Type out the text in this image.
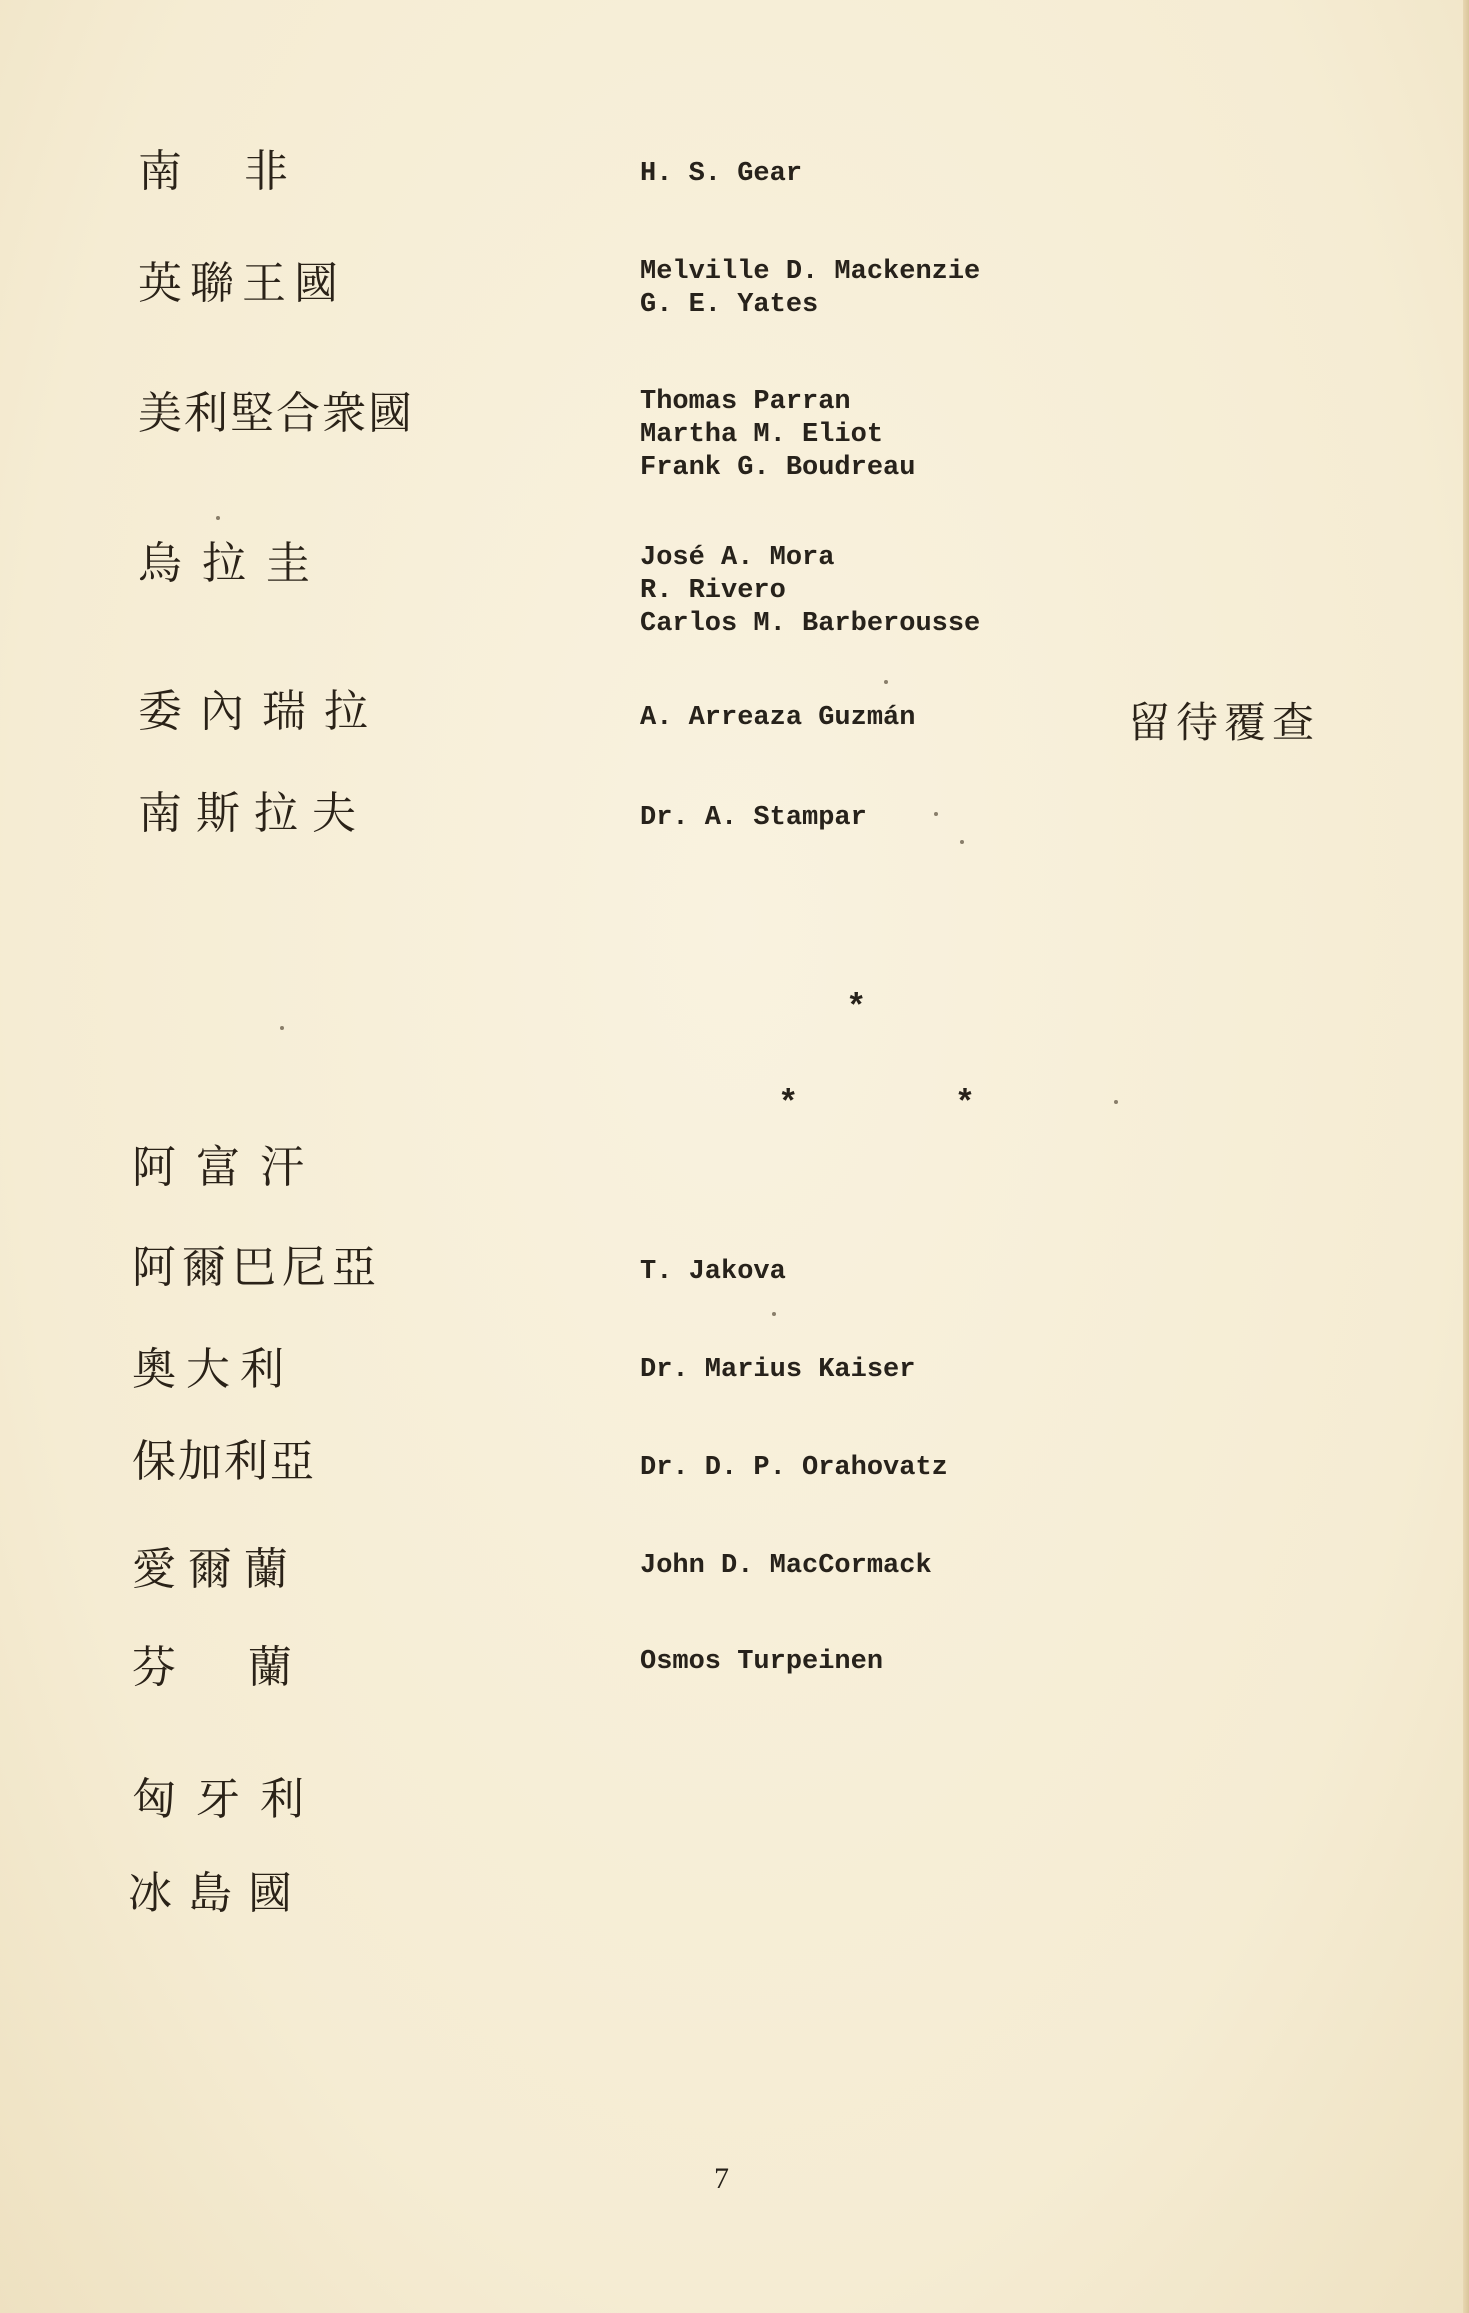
南非	H. S. Gear
英聯王國	Melville D. Mackenzie
G. E. Yates
美利堅合衆國	Thomas Parran
Martha M. Eliot
Frank G. Boudreau
烏拉圭	José A. Mora
R. Rivero
Carlos M. Barberousse
委內瑞拉	A. Arreaza Guzmán	留待覆查
南斯拉夫	Dr. A. Stampar
*
* *
阿富汗
阿爾巴尼亞	T. Jakova
奧大利	Dr. Marius Kaiser
保加利亞	Dr. D. P. Orahovatz
愛爾蘭	John D. MacCormack
芬蘭	Osmos Turpeinen
匈牙利
冰島國
7
